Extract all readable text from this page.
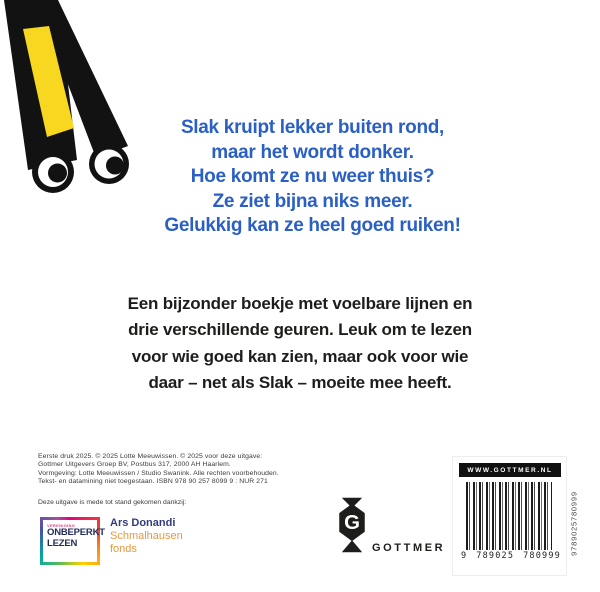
Slak kruipt lekker buiten rond,
maar het wordt donker.
Hoe komt ze nu weer thuis?
Ze ziet bijna niks meer.
Gelukkig kan ze heel goed ruiken!
Een bijzonder boekje met voelbare lijnen en
drie verschillende geuren. Leuk om te lezen
voor wie goed kan zien, maar ook voor wie
daar – net als Slak – moeite mee heeft.
Eerste druk 2025. © 2025 Lotte Meeuwissen. © 2025 voor deze uitgave:
Gottmer Uitgevers Groep BV, Postbus 317, 2000 AH Haarlem.
Vormgeving: Lotte Meeuwissen / Studio Swanink. Alle rechten voorbehouden.
Tekst- en datamining niet toegestaan. ISBN 978 90 257 8099 9 : NUR 271
Deze uitgave is mede tot stand gekomen dankzij:
VERENIGING
ONBEPERKT
LEZEN
Ars Donandi
Schmalhausen
fonds
G
GOTTMER
WWW.GOTTMER.NL
9 789025 780999
9789025780999
